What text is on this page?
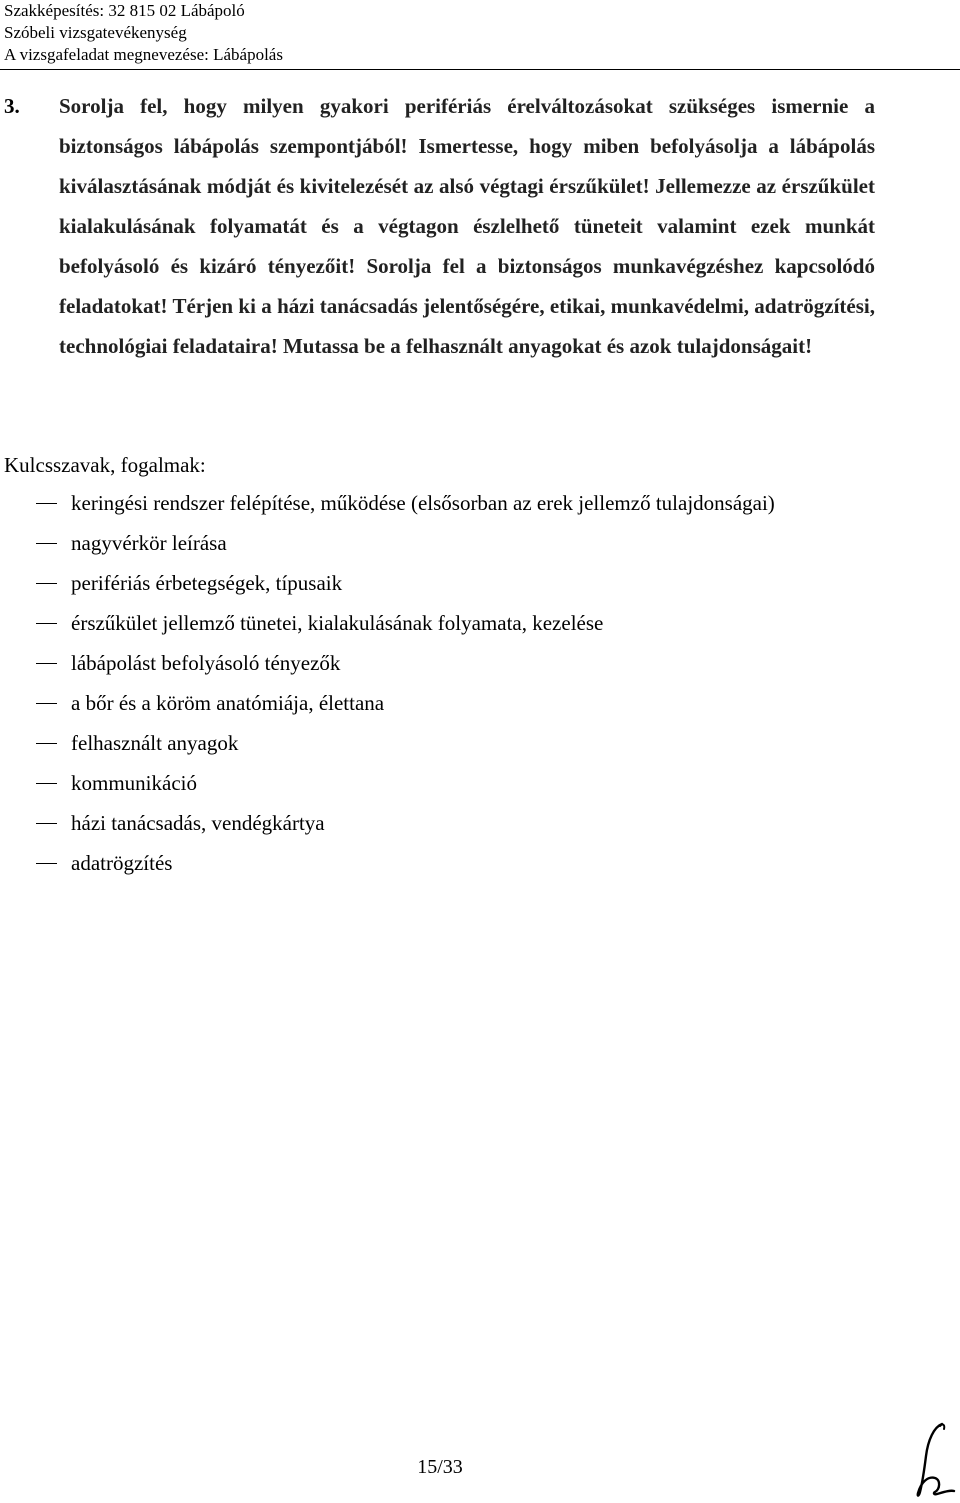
Szakképesítés: 32 815 02 Lábápoló
Szóbeli vizsgatevékenység
A vizsgafeladat megnevezése: Lábápolás
3. Sorolja fel, hogy milyen gyakori perifériás érelváltozásokat szükséges ismernie a biztonságos lábápolás szempontjából! Ismertesse, hogy miben befolyásolja a lábápolás kiválasztásának módját és kivitelezését az alsó végtagi érszűkület! Jellemezze az érszűkület kialakulásának folyamatát és a végtagon észlelhető tüneteit valamint ezek munkát befolyásoló és kizáró tényezőit! Sorolja fel a biztonságos munkavégzéshez kapcsolódó feladatokat! Térjen ki a házi tanácsadás jelentőségére, etikai, munkavédelmi, adatrögzítési, technológiai feladataira! Mutassa be a felhasznált anyagokat és azok tulajdonságait!
Kulcsszavak, fogalmak:
keringési rendszer felépítése, működése (elsősorban az erek jellemző tulajdonságai)
nagyvérkör leírása
perifériás érbetegségek, típusaik
érszűkület jellemző tünetei, kialakulásának folyamata, kezelése
lábápolást befolyásoló tényezők
a bőr és a köröm anatómiája, élettana
felhasznált anyagok
kommunikáció
házi tanácsadás, vendégkártya
adatrögzítés
15/33
